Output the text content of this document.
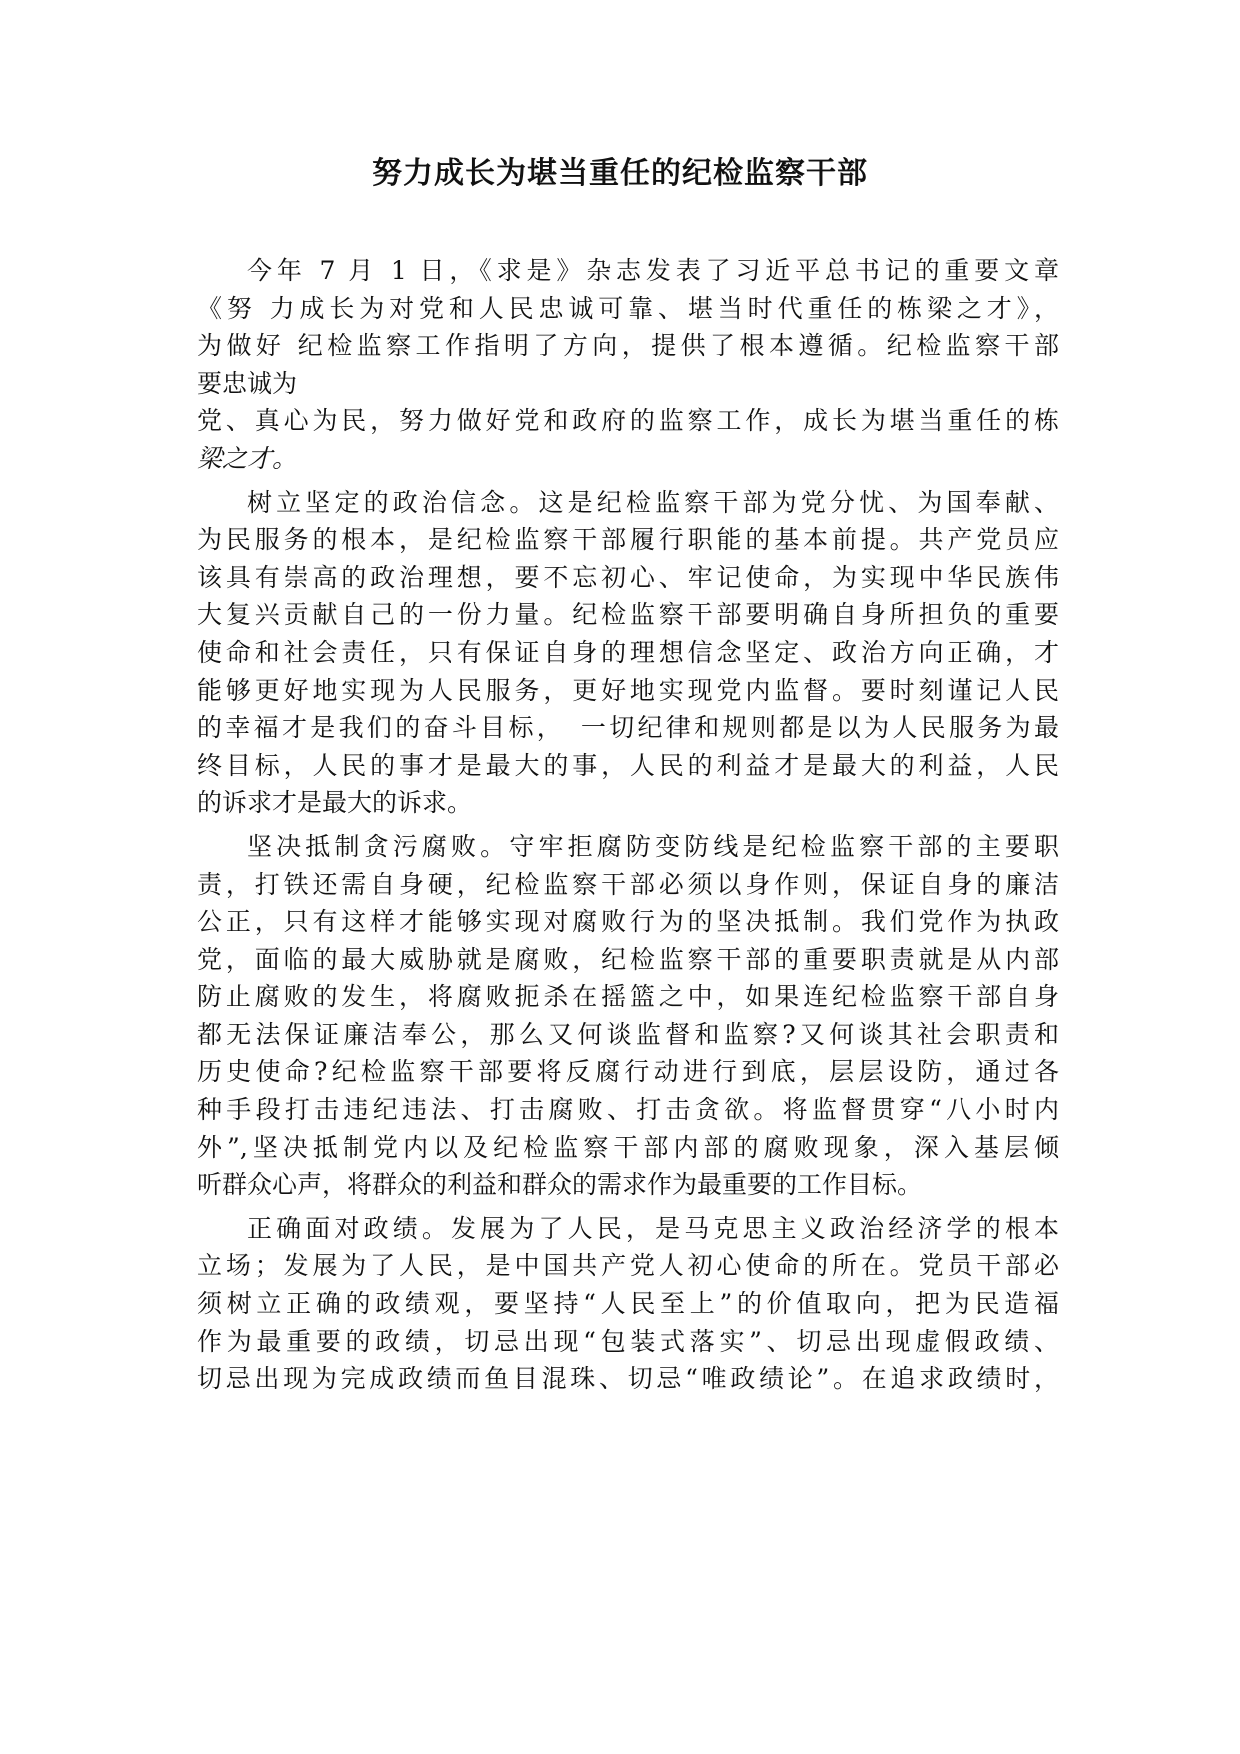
努力成长为堪当重任的纪检监察干部
今年 7 月 1 日，《求是》杂志发表了习近平总书记的重要文章
《努 力成长为对党和人民忠诚可靠、堪当时代重任的栋梁之才》，
为做好 纪检监察工作指明了方向，提供了根本遵循。纪检监察干部
要忠诚为
党、真心为民，努力做好党和政府的监察工作，成长为堪当重任的栋
梁之才。
树立坚定的政治信念。这是纪检监察干部为党分忧、为国奉献、
为民服务的根本，是纪检监察干部履行职能的基本前提。共产党员应
该具有崇高的政治理想，要不忘初心、牢记使命，为实现中华民族伟
大复兴贡献自己的一份力量。纪检监察干部要明确自身所担负的重要
使命和社会责任，只有保证自身的理想信念坚定、政治方向正确，才
能够更好地实现为人民服务，更好地实现党内监督。要时刻谨记人民
的幸福才是我们的奋斗目标，　一切纪律和规则都是以为人民服务为最
终目标，人民的事才是最大的事，人民的利益才是最大的利益，人民
的诉求才是最大的诉求。
坚决抵制贪污腐败。守牢拒腐防变防线是纪检监察干部的主要职
责，打铁还需自身硬，纪检监察干部必须以身作则，保证自身的廉洁
公正，只有这样才能够实现对腐败行为的坚决抵制。我们党作为执政
党，面临的最大威胁就是腐败，纪检监察干部的重要职责就是从内部
防止腐败的发生，将腐败扼杀在摇篮之中，如果连纪检监察干部自身
都无法保证廉洁奉公，那么又何谈监督和监察?又何谈其社会职责和
历史使命?纪检监察干部要将反腐行动进行到底，层层设防，通过各
种手段打击违纪违法、打击腐败、打击贪欲。将监督贯穿“八小时内
外”,坚决抵制党内以及纪检监察干部内部的腐败现象，深入基层倾
听群众心声，将群众的利益和群众的需求作为最重要的工作目标。
正确面对政绩。发展为了人民，是马克思主义政治经济学的根本
立场；发展为了人民，是中国共产党人初心使命的所在。党员干部必
须树立正确的政绩观，要坚持“人民至上”的价值取向，把为民造福
作为最重要的政绩，切忌出现“包装式落实”、切忌出现虚假政绩、
切忌出现为完成政绩而鱼目混珠、切忌“唯政绩论”。在追求政绩时，
